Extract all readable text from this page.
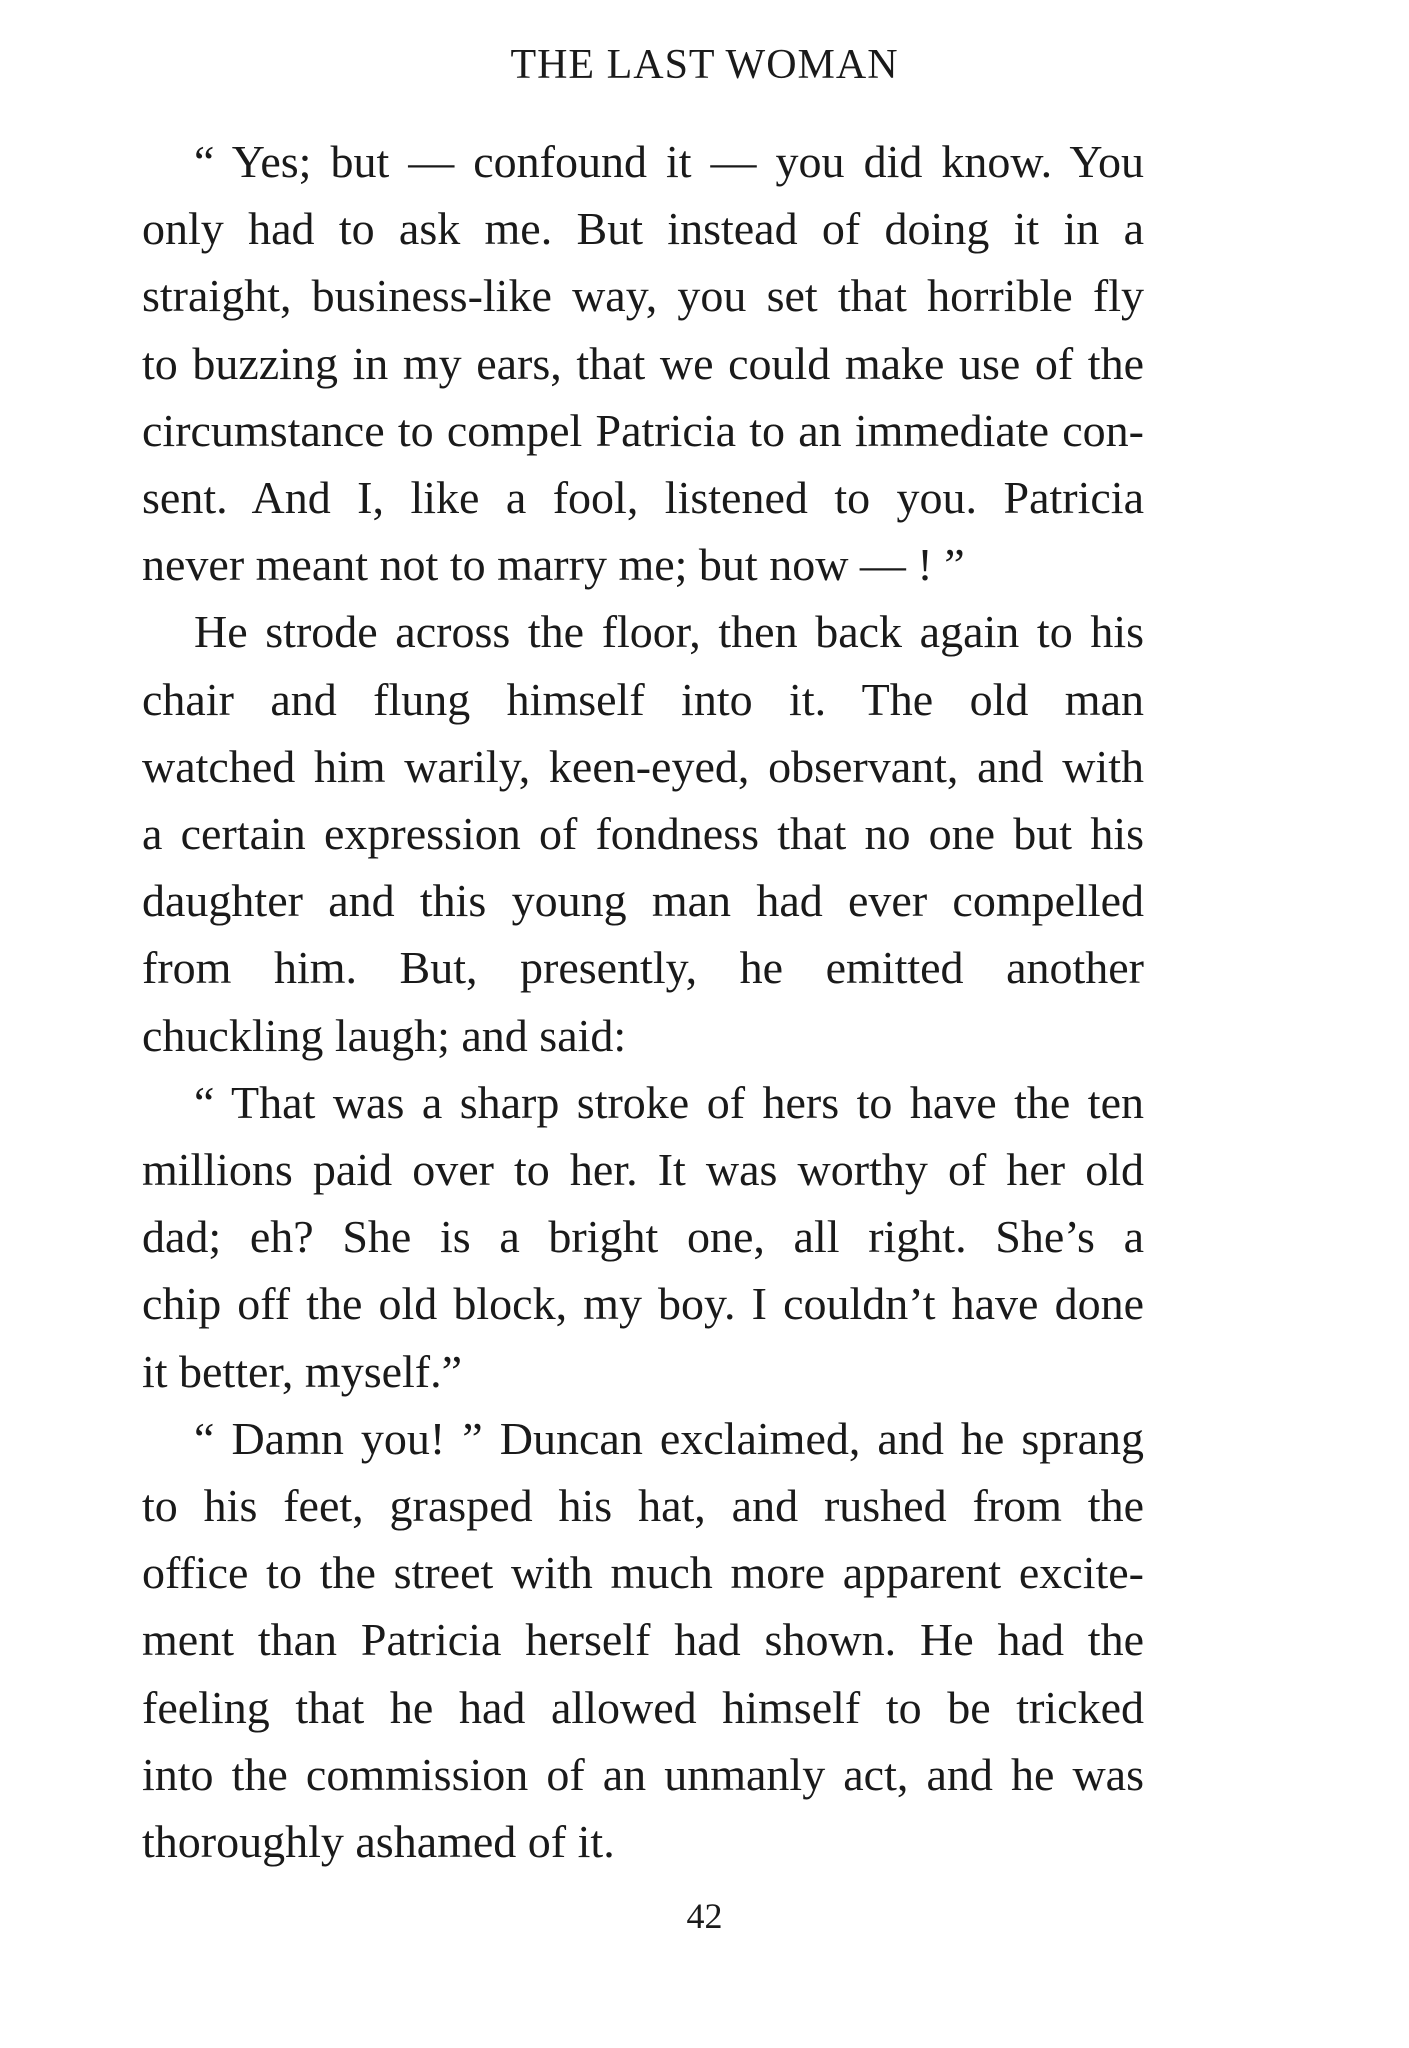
THE LAST WOMAN

“ Yes; but — confound it — you did know. You
only had to ask me. But instead of doing it in a
straight, business-like way, you set that horrible fly
to buzzing in my ears, that we could make use of the
circumstance to compel Patricia to an immediate con-
sent. And I, like a fool, listened to you. Patricia
never meant not to marry me; but now — ! ”

He strode across the floor, then back again to his
chair and flung himself into it. The old man
watched him warily, keen-eyed, observant, and with
a certain expression of fondness that no one but his
daughter and this young man had ever compelled
from him. But, presently, he emitted another
chuckling laugh; and said:

“ That was a sharp stroke of hers to have the ten
millions paid over to her. It was worthy of her old
dad; eh? She is a bright one, all right. She’s a
chip off the old block, my boy. I couldn’t have done
it better, myself.”

“ Damn you! ” Duncan exclaimed, and he sprang
to his feet, grasped his hat, and rushed from the
office to the street with much more apparent excite-
ment than Patricia herself had shown. He had the
feeling that he had allowed himself to be tricked
into the commission of an unmanly act, and he was
thoroughly ashamed of it.

42
